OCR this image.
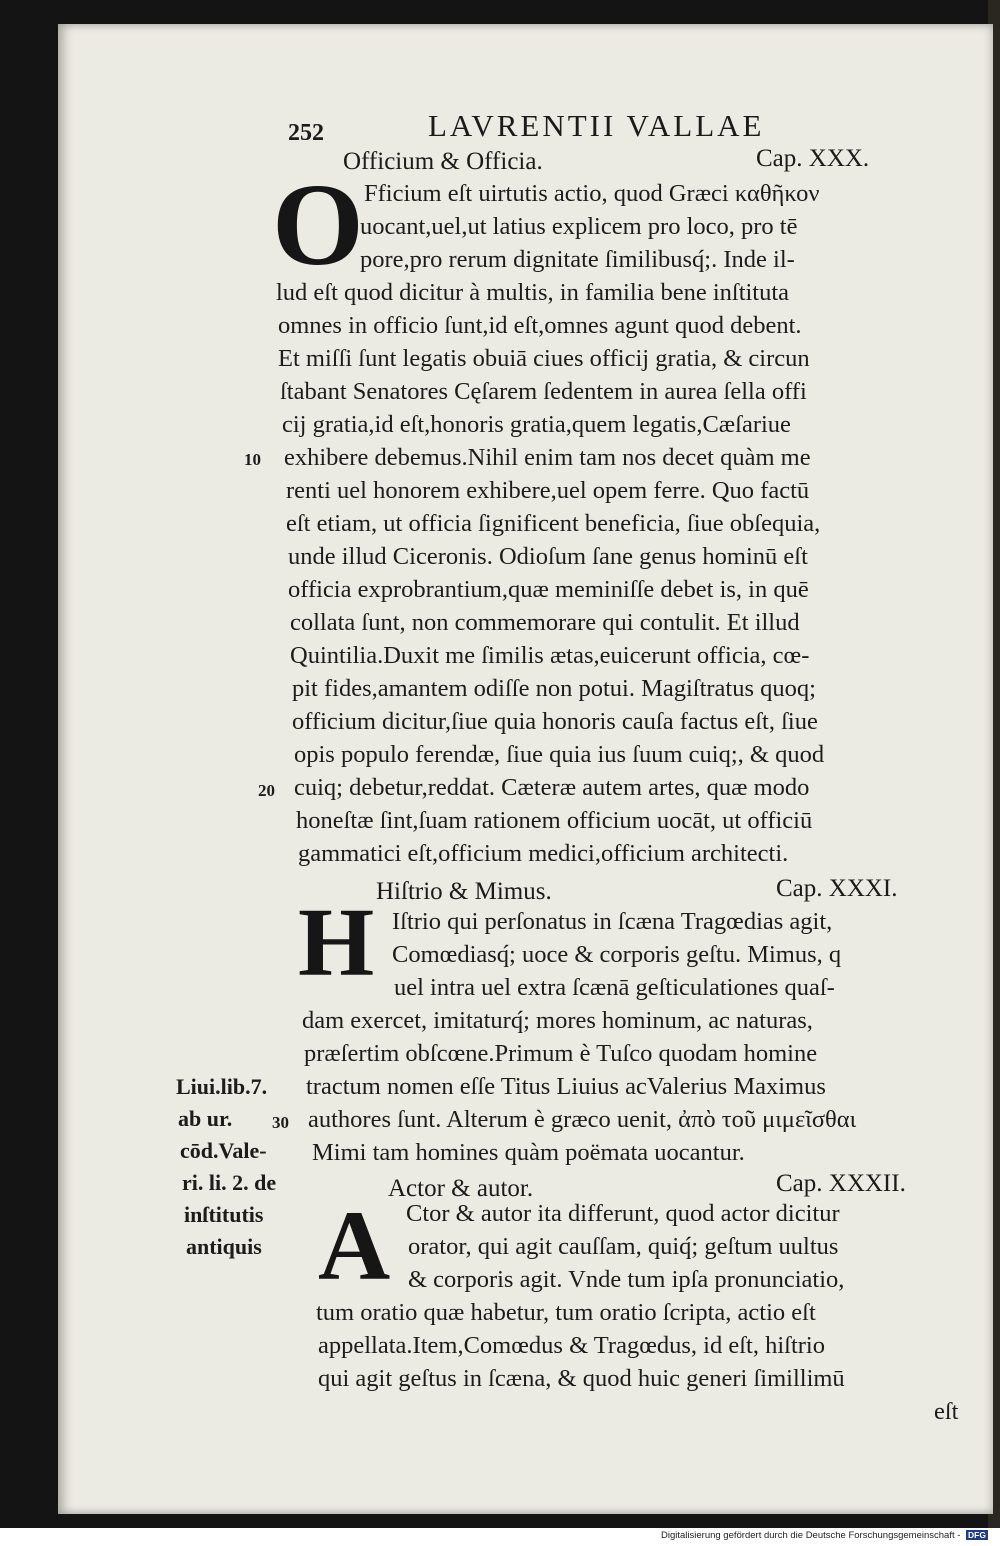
252	LAVRENTII VALLAE
Officium & Officia.	Cap. XXX.
O Fficium eſt uirtutis actio, quod Græci καθῆκον
uocant,uel,ut latius explicem pro loco, pro tē
pore,pro rerum dignitate ſimilibusq́;. Inde il-
lud eſt quod dicitur à multis, in familia bene inſtituta
omnes in officio ſunt,id eſt,omnes agunt quod debent.
Et miſſi ſunt legatis obuiā ciues officij gratia, & circun
ſtabant Senatores Cęſarem ſedentem in aurea ſella offi
cij gratia,id eſt,honoris gratia,quem legatis,Cæſariue
exhibere debemus.Nihil enim tam nos decet quàm me
renti uel honorem exhibere,uel opem ferre. Quo factū
eſt etiam, ut officia ſignificent beneficia, ſiue obſequia,
unde illud Ciceronis. Odioſum ſane genus hominū eſt
officia exprobrantium,quæ meminiſſe debet is, in quē
collata ſunt, non commemorare qui contulit. Et illud
Quintilia.Duxit me ſimilis ætas,euicerunt officia, cœ-
pit fides,amantem odiſſe non potui. Magiſtratus quoq;
officium dicitur,ſiue quia honoris cauſa factus eſt, ſiue
opis populo ferendæ, ſiue quia ius ſuum cuiq;, & quod
cuiq; debetur,reddat. Cæteræ autem artes, quæ modo
honeſtæ ſint,ſuam rationem officium uocāt, ut officiū
gammatici eſt,officium medici,officium architecti.
10
20
Hiſtrio & Mimus.	Cap. XXXI.
H Iſtrio qui perſonatus in ſcæna Tragœdias agit,
Comœdiasq́; uoce & corporis geſtu. Mimus, q
uel intra uel extra ſcænā geſticulationes quaſ-
dam exercet, imitaturq́; mores hominum, ac naturas,
præſertim obſcœne.Primum è Tuſco quodam homine
tractum nomen eſſe Titus Liuius acValerius Maximus
authores ſunt. Alterum è græco uenit, ἀπὸ τοῦ μιμεῖσθαι
Mimi tam homines quàm poëmata uocantur.
30
Liui.lib.7.
ab ur.
cōd.Vale-
ri. li. 2. de
inſtitutis
antiquis
Actor & autor.	Cap. XXXII.
A Ctor & autor ita differunt, quod actor dicitur
orator, qui agit cauſſam, quiq́; geſtum uultus
& corporis agit. Vnde tum ipſa pronunciatio,
tum oratio quæ habetur, tum oratio ſcripta, actio eſt
appellata.Item,Comœdus & Tragœdus, id eſt, hiſtrio
qui agit geſtus in ſcæna, & quod huic generi ſimillimū
eſt
Digitalisierung gefördert durch die Deutsche Forschungsgemeinschaft - DFG
